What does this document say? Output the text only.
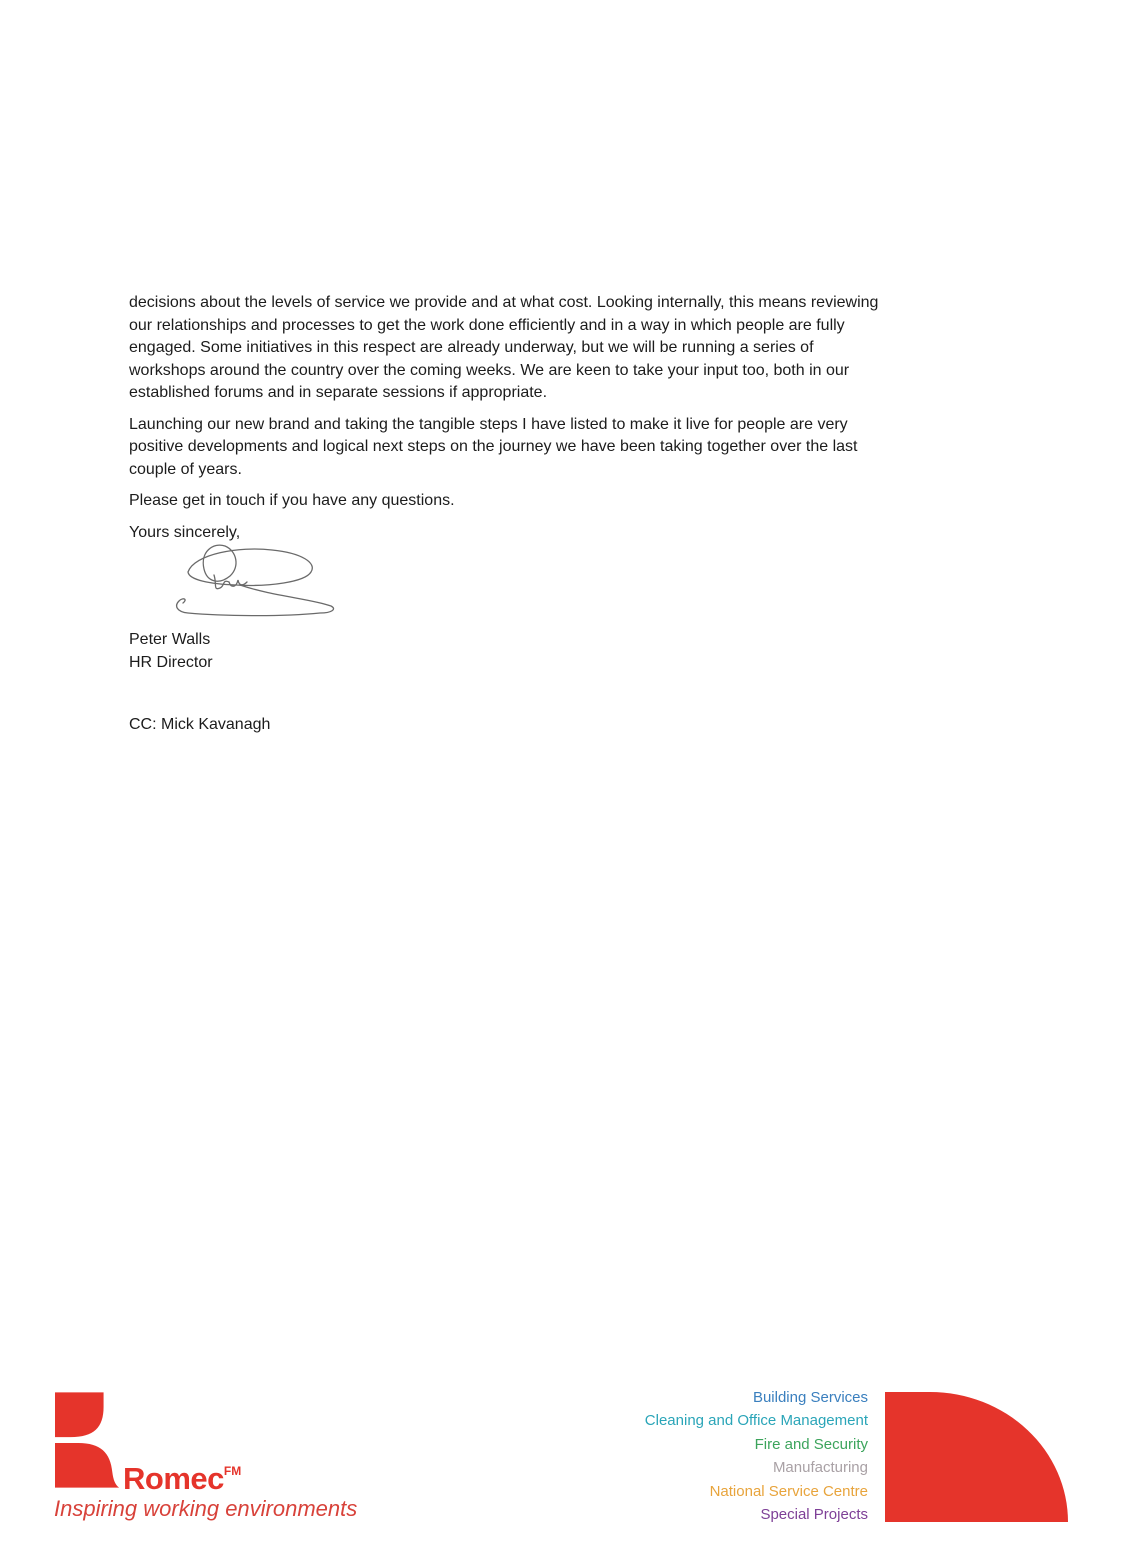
decisions about the levels of service we provide and at what cost. Looking internally, this means reviewing
our relationships and processes to get the work done efficiently and in a way in which people are fully
engaged. Some initiatives in this respect are already underway, but we will be running a series of
workshops around the country over the coming weeks. We are keen to take your input too, both in our
established forums and in separate sessions if appropriate.
Launching our new brand and taking the tangible steps I have listed to make it live for people are very
positive developments and logical next steps on the journey we have been taking together over the last
couple of years.
Please get in touch if you have any questions.
Yours sincerely,
Peter Walls
HR Director
CC: Mick Kavanagh
Romec$^{FM}$
Inspiring working environments
Building Services
Cleaning and Office Management
Fire and Security
Manufacturing
National Service Centre
Special Projects
